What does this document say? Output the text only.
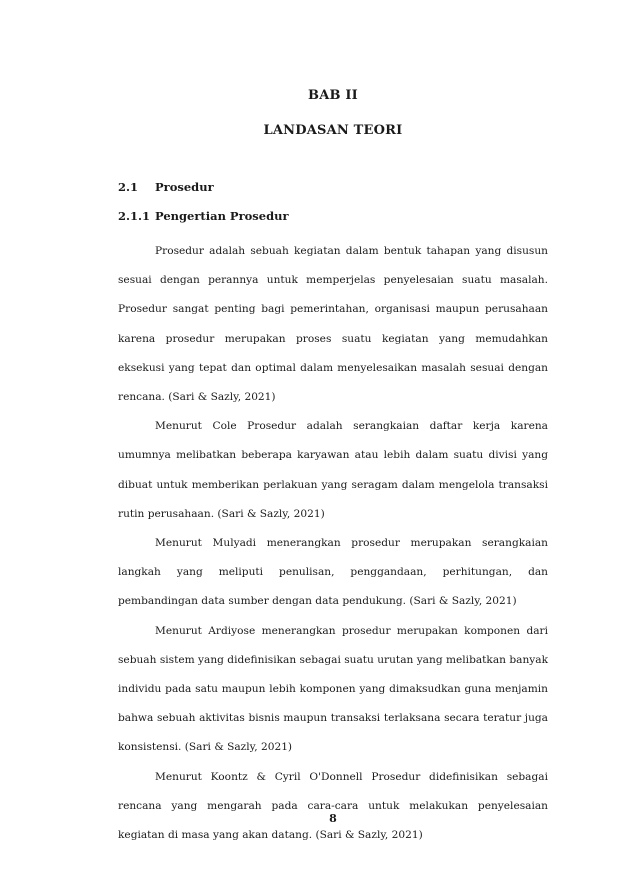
BAB II
LANDASAN TEORI
2.1 Prosedur
2.1.1 Pengertian Prosedur

Prosedur adalah sebuah kegiatan dalam bentuk tahapan yang disusun sesuai dengan perannya untuk memperjelas penyelesaian suatu masalah. Prosedur sangat penting bagi pemerintahan, organisasi maupun perusahaan karena prosedur merupakan proses suatu kegiatan yang memudahkan eksekusi yang tepat dan optimal dalam menyelesaikan masalah sesuai dengan rencana. (Sari & Sazly, 2021)

Menurut Cole Prosedur adalah serangkaian daftar kerja karena umumnya melibatkan beberapa karyawan atau lebih dalam suatu divisi yang dibuat untuk memberikan perlakuan yang seragam dalam mengelola transaksi rutin perusahaan. (Sari & Sazly, 2021)

Menurut Mulyadi menerangkan prosedur merupakan serangkaian langkah yang meliputi penulisan, penggandaan, perhitungan, dan pembandingan data sumber dengan data pendukung. (Sari & Sazly, 2021)

Menurut Ardiyose menerangkan prosedur merupakan komponen dari sebuah sistem yang didefinisikan sebagai suatu urutan yang melibatkan banyak individu pada satu maupun lebih komponen yang dimaksudkan guna menjamin bahwa sebuah aktivitas bisnis maupun transaksi terlaksana secara teratur juga konsistensi. (Sari & Sazly, 2021)

Menurut Koontz & Cyril O'Donnell Prosedur didefinisikan sebagai rencana yang mengarah pada cara-cara untuk melakukan penyelesaian kegiatan di masa yang akan datang. (Sari & Sazly, 2021)

8
